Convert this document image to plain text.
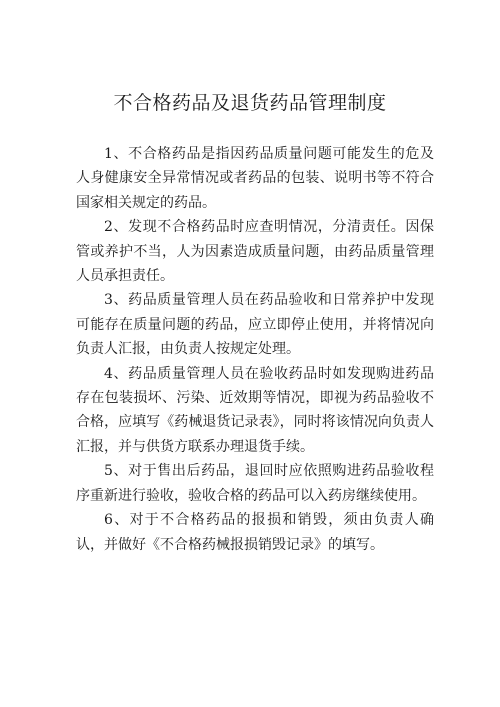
不合格药品及退货药品管理制度

1、不合格药品是指因药品质量问题可能发生的危及人身健康安全异常情况或者药品的包装、说明书等不符合国家相关规定的药品。

2、发现不合格药品时应查明情况，分清责任。因保管或养护不当，人为因素造成质量问题，由药品质量管理人员承担责任。

3、药品质量管理人员在药品验收和日常养护中发现可能存在质量问题的药品，应立即停止使用，并将情况向负责人汇报，由负责人按规定处理。

4、药品质量管理人员在验收药品时如发现购进药品存在包装损坏、污染、近效期等情况，即视为药品验收不合格，应填写《药械退货记录表》，同时将该情况向负责人汇报，并与供货方联系办理退货手续。

5、对于售出后药品，退回时应依照购进药品验收程序重新进行验收，验收合格的药品可以入药房继续使用。

6、对于不合格药品的报损和销毁，须由负责人确认，并做好《不合格药械报损销毁记录》的填写。
